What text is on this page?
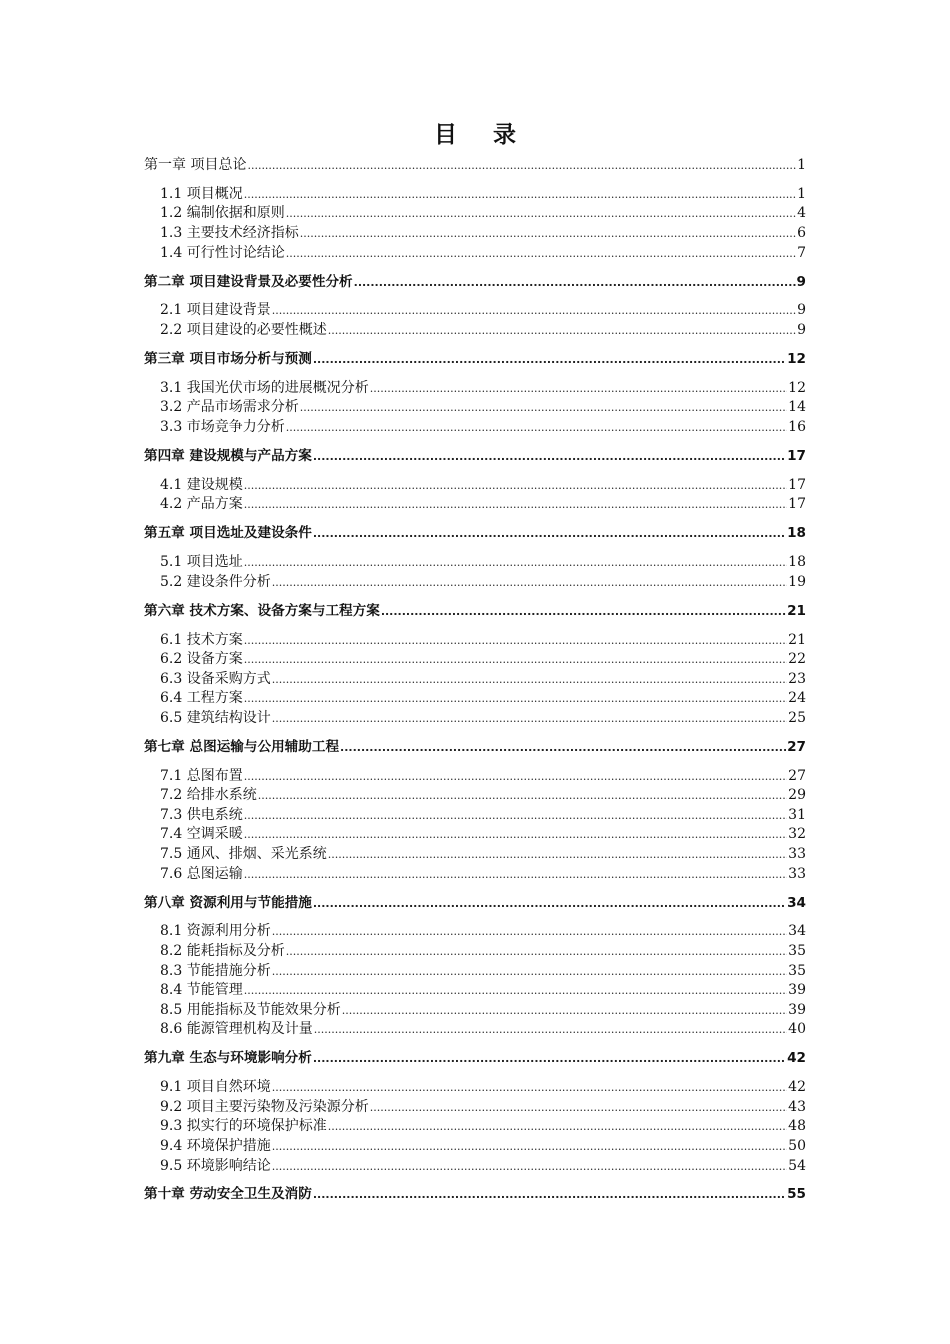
目 录
第一章 项目总论 .....	1
1.1 项目概况 .....	1
1.2 编制依据和原则 .....	4
1.3 主要技术经济指标 .....	6
1.4 可行性讨论结论 .....	7
第二章 项目建设背景及必要性分析 .....	9
2.1 项目建设背景 .....	9
2.2 项目建设的必要性概述 .....	9
第三章 项目市场分析与预测 .....	12
3.1 我国光伏市场的进展概况分析 .....	12
3.2 产品市场需求分析 .....	14
3.3 市场竞争力分析 .....	16
第四章 建设规模与产品方案 .....	17
4.1 建设规模 .....	17
4.2 产品方案 .....	17
第五章 项目选址及建设条件 .....	18
5.1 项目选址 .....	18
5.2 建设条件分析 .....	19
第六章 技术方案、设备方案与工程方案 .....	21
6.1 技术方案 .....	21
6.2 设备方案 .....	22
6.3 设备采购方式 .....	23
6.4 工程方案 .....	24
6.5 建筑结构设计 .....	25
第七章 总图运输与公用辅助工程 .....	27
7.1 总图布置 .....	27
7.2 给排水系统 .....	29
7.3 供电系统 .....	31
7.4 空调采暖 .....	32
7.5 通风、排烟、采光系统 .....	33
7.6 总图运输 .....	33
第八章 资源利用与节能措施 .....	34
8.1 资源利用分析 .....	34
8.2 能耗指标及分析 .....	35
8.3 节能措施分析 .....	35
8.4 节能管理 .....	39
8.5 用能指标及节能效果分析 .....	39
8.6 能源管理机构及计量 .....	40
第九章 生态与环境影响分析 .....	42
9.1 项目自然环境 .....	42
9.2 项目主要污染物及污染源分析 .....	43
9.3 拟实行的环境保护标准 .....	48
9.4 环境保护措施 .....	50
9.5 环境影响结论 .....	54
第十章 劳动安全卫生及消防 .....	55
